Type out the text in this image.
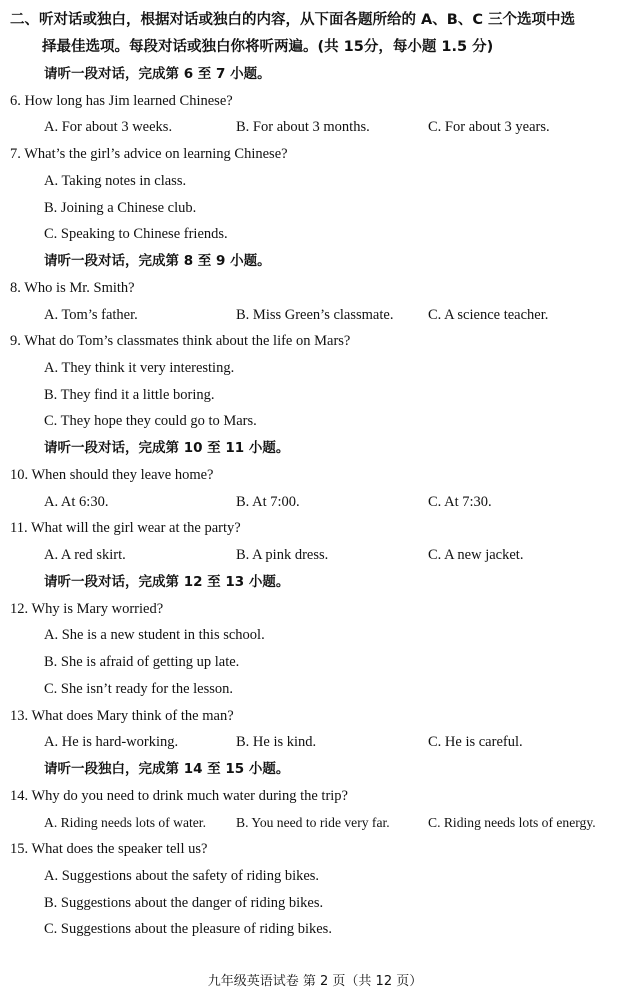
二、听对话或独白，根据对话或独白的内容，从下面各题所给的 A、B、C 三个选项中选
择最佳选项。每段对话或独白你将听两遍。(共 15分，每小题 1.5 分)
请听一段对话，完成第 6 至 7 小题。
6. How long has Jim learned Chinese?
A. For about 3 weeks.	B. For about 3 months.	C. For about 3 years.
7. What’s the girl’s advice on learning Chinese?
A. Taking notes in class.
B. Joining a Chinese club.
C. Speaking to Chinese friends.
请听一段对话，完成第 8 至 9 小题。
8. Who is Mr. Smith?
A. Tom’s father.	B. Miss Green’s classmate. C. A science teacher.
9. What do Tom’s classmates think about the life on Mars?
A. They think it very interesting.
B. They find it a little boring.
C. They hope they could go to Mars.
请听一段对话，完成第 10 至 11 小题。
10. When should they leave home?
A. At 6:30.	B. At 7:00.	C. At 7:30.
11. What will the girl wear at the party?
A. A red skirt.	B. A pink dress.	C. A new jacket.
请听一段对话，完成第 12 至 13 小题。
12. Why is Mary worried?
A. She is a new student in this school.
B. She is afraid of getting up late.
C. She isn’t ready for the lesson.
13. What does Mary think of the man?
A. He is hard-working.	B. He is kind.	C. He is careful.
请听一段独白，完成第 14 至 15 小题。
14. Why do you need to drink much water during the trip?
A. Riding needs lots of water. B. You need to ride very far.	C. Riding needs lots of energy.
15. What does the speaker tell us?
A. Suggestions about the safety of riding bikes.
B. Suggestions about the danger of riding bikes.
C. Suggestions about the pleasure of riding bikes.
九年级英语试卷 第 2 页（共 12 页）
